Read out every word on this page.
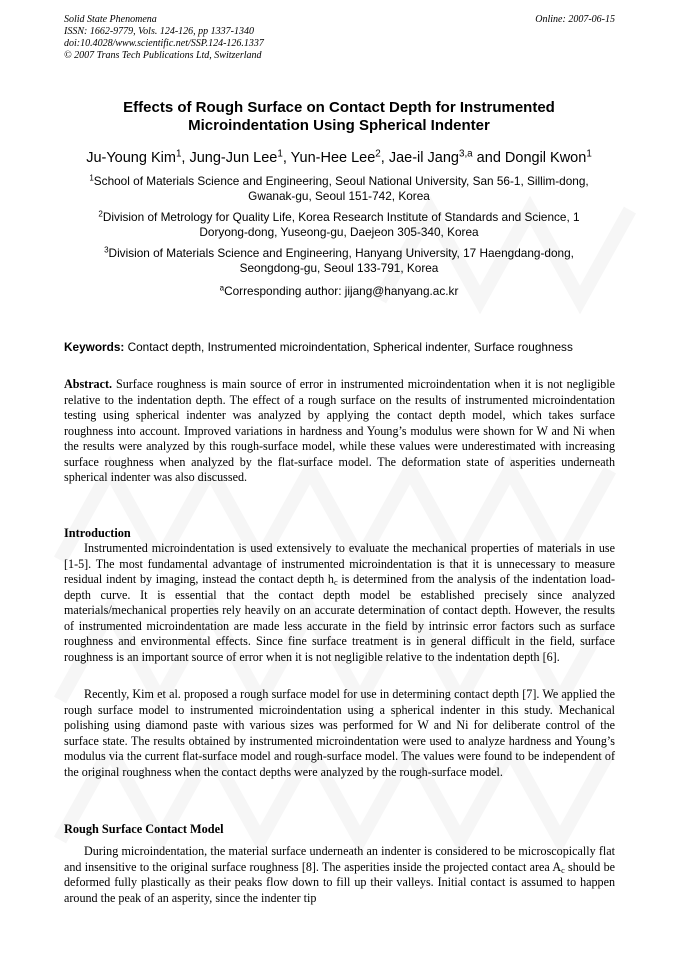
Solid State Phenomena
ISSN: 1662-9779, Vols. 124-126, pp 1337-1340
doi:10.4028/www.scientific.net/SSP.124-126.1337
© 2007 Trans Tech Publications Ltd, Switzerland
Online: 2007-06-15
Effects of Rough Surface on Contact Depth for Instrumented
Microindentation Using Spherical Indenter
Ju-Young Kim$^1$, Jung-Jun Lee$^1$, Yun-Hee Lee$^2$, Jae-il Jang$^{3,a}$ and Dongil Kwon$^1$
$^1$School of Materials Science and Engineering, Seoul National University, San 56-1, Sillim-dong,
Gwanak-gu, Seoul 151-742, Korea
$^2$Division of Metrology for Quality Life, Korea Research Institute of Standards and Science, 1
Doryong-dong, Yuseong-gu, Daejeon 305-340, Korea
$^3$Division of Materials Science and Engineering, Hanyang University, 17 Haengdang-dong,
Seongdong-gu, Seoul 133-791, Korea
$^a$Corresponding author: jijang@hanyang.ac.kr
Keywords: Contact depth, Instrumented microindentation, Spherical indenter, Surface roughness
Abstract. Surface roughness is main source of error in instrumented microindentation when it is not negligible relative to the indentation depth. The effect of a rough surface on the results of instrumented microindentation testing using spherical indenter was analyzed by applying the contact depth model, which takes surface roughness into account. Improved variations in hardness and Young’s modulus were shown for W and Ni when the results were analyzed by this rough-surface model, while these values were underestimated with increasing surface roughness when analyzed by the flat-surface model. The deformation state of asperities underneath spherical indenter was also discussed.
Introduction
Instrumented microindentation is used extensively to evaluate the mechanical properties of materials in use [1-5]. The most fundamental advantage of instrumented microindentation is that it is unnecessary to measure residual indent by imaging, instead the contact depth $h_c$ is determined from the analysis of the indentation load-depth curve. It is essential that the contact depth model be established precisely since analyzed materials/mechanical properties rely heavily on an accurate determination of contact depth. However, the results of instrumented microindentation are made less accurate in the field by intrinsic error factors such as surface roughness and environmental effects. Since fine surface treatment is in general difficult in the field, surface roughness is an important source of error when it is not negligible relative to the indentation depth [6].
Recently, Kim et al. proposed a rough surface model for use in determining contact depth [7]. We applied the rough surface model to instrumented microindentation using a spherical indenter in this study. Mechanical polishing using diamond paste with various sizes was performed for W and Ni for deliberate control of the surface state. The results obtained by instrumented microindentation were used to analyze hardness and Young’s modulus via the current flat-surface model and rough-surface model. The values were found to be independent of the original roughness when the contact depths were analyzed by the rough-surface model.
Rough Surface Contact Model
During microindentation, the material surface underneath an indenter is considered to be microscopically flat and insensitive to the original surface roughness [8]. The asperities inside the projected contact area $A_c$ should be deformed fully plastically as their peaks flow down to fill up their valleys. Initial contact is assumed to happen around the peak of an asperity, since the indenter tip
